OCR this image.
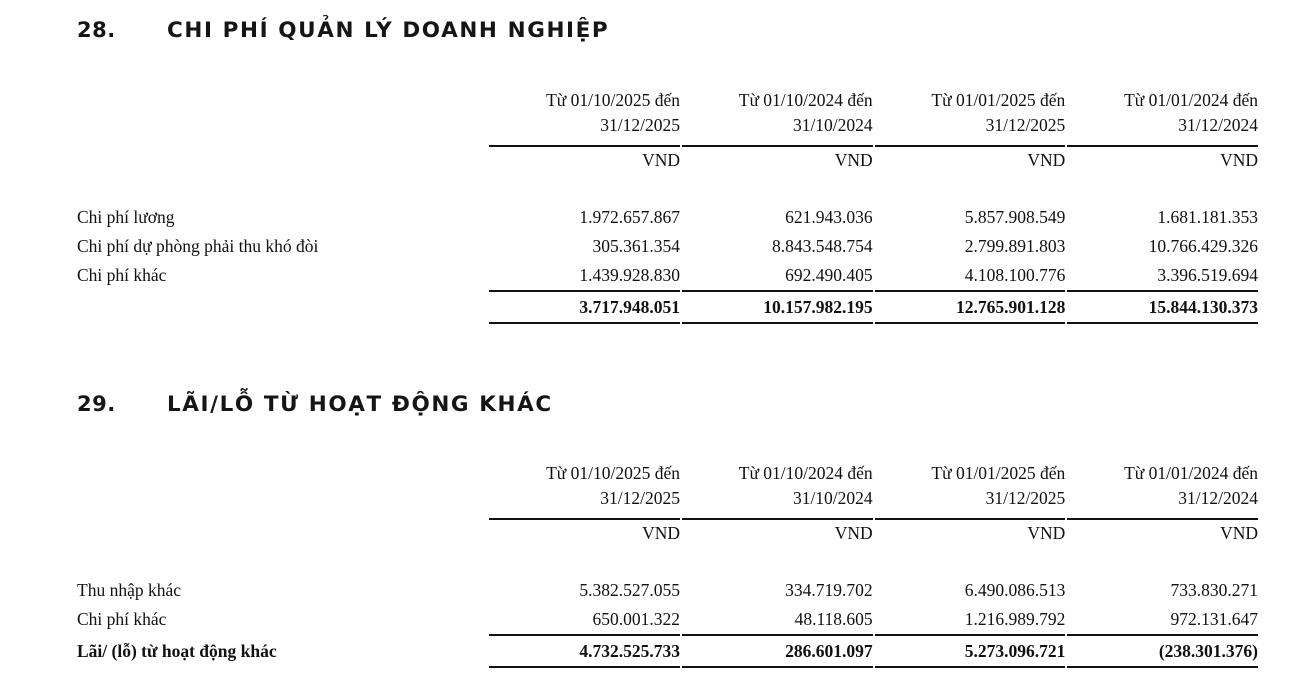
28. CHI PHÍ QUẢN LÝ DOANH NGHIỆP
	Từ 01/10/2025 đến
31/12/2025		Từ 01/10/2024 đến
31/10/2024		Từ 01/01/2025 đến
31/12/2025		Từ 01/01/2024 đến
31/12/2024

	VND		VND		VND		VND

Chi phí lương	1.972.657.867		621.943.036		5.857.908.549		1.681.181.353
Chi phí dự phòng phải thu khó đòi	305.361.354		8.843.548.754		2.799.891.803		10.766.429.326
Chi phí khác	1.439.928.830		692.490.405		4.108.100.776		3.396.519.694
	3.717.948.051		10.157.982.195		12.765.901.128		15.844.130.373
29. LÃI/LỖ TỪ HOẠT ĐỘNG KHÁC
	Từ 01/10/2025 đến
31/12/2025		Từ 01/10/2024 đến
31/10/2024		Từ 01/01/2025 đến
31/12/2025		Từ 01/01/2024 đến
31/12/2024

	VND		VND		VND		VND

Thu nhập khác	5.382.527.055		334.719.702		6.490.086.513		733.830.271
Chi phí khác	650.001.322		48.118.605		1.216.989.792		972.131.647
Lãi/ (lỗ) từ hoạt động khác	4.732.525.733		286.601.097		5.273.096.721		(238.301.376)
